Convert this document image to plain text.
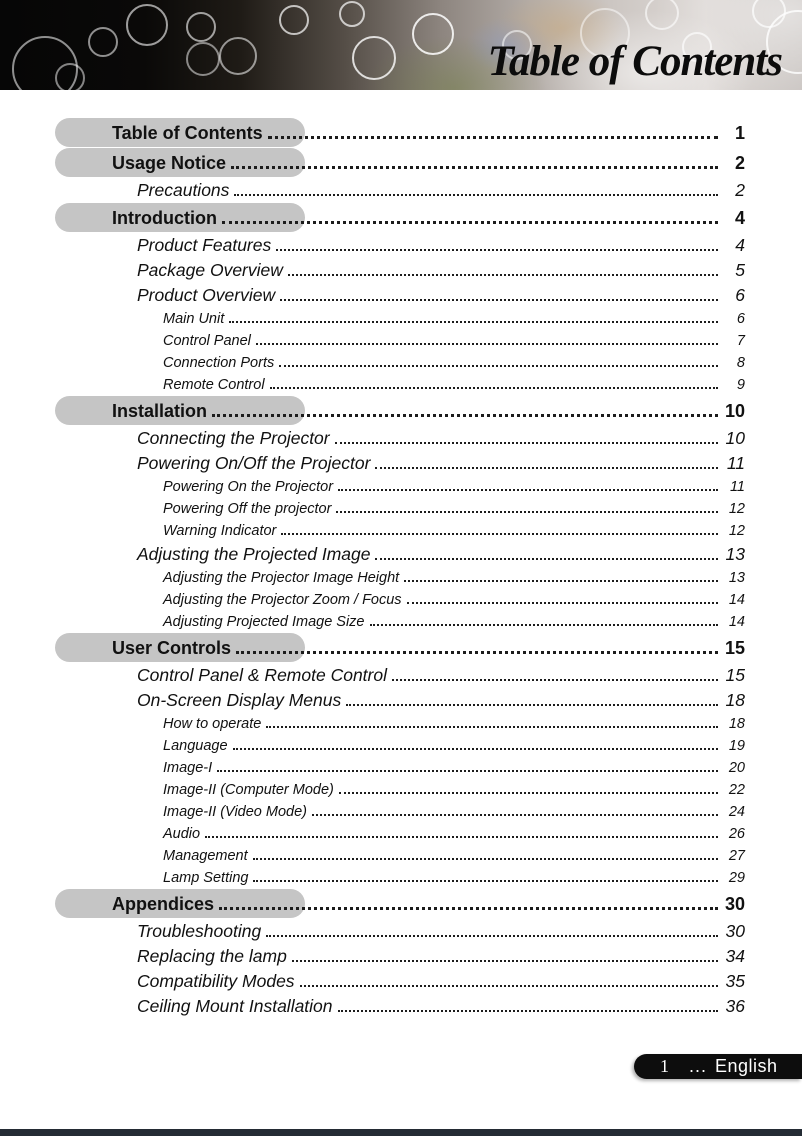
Table of Contents
Table of Contents	1
Usage Notice	2
Precautions	2
Introduction	4
Product Features	4
Package Overview	5
Product Overview	6
Main Unit	6
Control Panel	7
Connection Ports	8
Remote Control	9
Installation	10
Connecting the Projector	10
Powering On/Off the Projector	11
Powering On the Projector	11
Powering Off the projector	12
Warning Indicator	12
Adjusting the Projected Image	13
Adjusting the Projector Image Height	13
Adjusting the Projector Zoom / Focus	14
Adjusting Projected Image Size	14
User Controls	15
Control Panel & Remote Control	15
On-Screen Display Menus	18
How to operate	18
Language	19
Image-I	20
Image-II (Computer Mode)	22
Image-II (Video Mode)	24
Audio	26
Management	27
Lamp Setting	29
Appendices	30
Troubleshooting	30
Replacing the lamp	34
Compatibility Modes	35
Ceiling Mount Installation	36
1 ... English
